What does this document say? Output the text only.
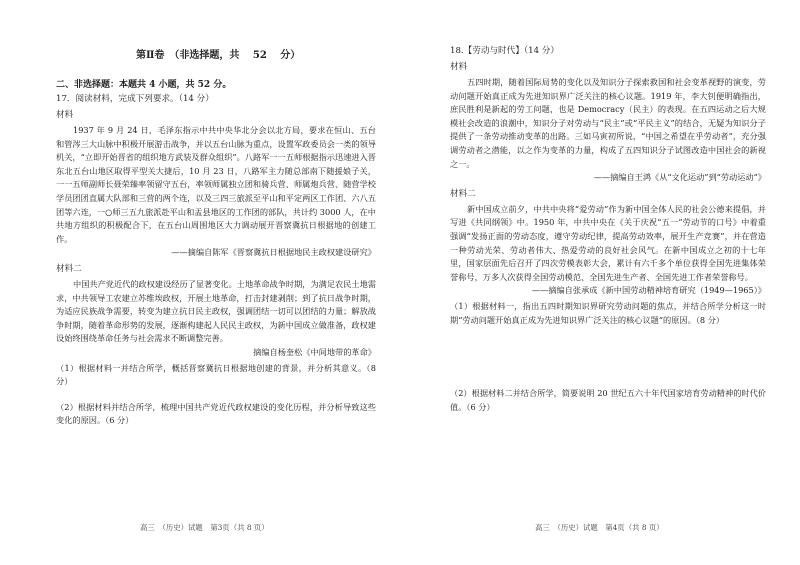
第Ⅱ卷　（非选择题，共 52 分）
二、非选择题：本题共 4 小题，共 52 分。
17．阅读材料，完成下列要求。（14 分）
材料

1937 年 9 月 24 日，毛泽东指示中共中央华北分会以北方局，要求在恒山、五台和管涔三大山脉中积极开展游击战争，并以五台山脉为重点，设置军政委员会一类的领导机关，“立即开始晋省的组织地方武装及群众组织”。八路军一一五师根据指示迅速进入晋东北五台山地区取得平型关大捷后，10 月 23 日，八路军主力随总部南下随援娘子关，一一五师副师长聂荣臻率领留守五台，率领师属独立团和骑兵营、师属炮兵营、随营学校学员团团直属大队部和三营的两个连，以及三四三旅派至平山和平定两区工作团、六八五团等六连，一○师三五九旅派赴平山和盂县地区的工作团的部队，共计约 3000 人，在中共地方组织的积极配合下，在五台山周围地区大力调动展开晋察冀抗日根据地的创建工作。

——摘编自陈军《晋察冀抗日根据地民主政权建设研究》

材料二

中国共产党近代的政权建设经历了显著变化。土地革命战争时期，为满足农民土地需求，中共领导工农建立苏维埃政权，开展土地革命，打击封建剥削；到了抗日战争时期，为适应民族战争需要，转变为建立抗日民主政权，强调团结一切可以团结的力量；解放战争时期，随着革命形势的发展，逐渐构建起人民民主政权，为新中国成立做准备，政权建设始终围绕革命任务与社会需求不断调整完善。

摘编自杨奎松《中间地带的革命》

（1）根据材料一并结合所学，概括晋察冀抗日根据地创建的背景，并分析其意义。（8 分）

（2）根据材料并结合所学，梳理中国共产党近代政权建设的变化历程，并分析导致这些变化的原因。（6 分）

高三　（历史）试题　第3页（共 8 页）
18.【劳动与时代】（14 分）
材料

五四时期，随着国际局势的变化以及知识分子探索救国和社会变革视野的演变，劳动问题开始真正成为先进知识界广泛关注的核心议题。1919 年，李大钊便明确指出，庶民胜利是新起的劳工问题，也是 Democracy（民主）的表现。在五四运动之后大规模社会改造的浪潮中，知识分子对劳动与“民主”或“平民主义”的结合，无疑为知识分子提供了一条劳动推动变革的出路。三如马寅初所说，“中国之希望在乎劳动者”，充分强调劳动者之潜能，以之作为变革的力量，构成了五四知识分子试图改造中国社会的新视之一。

——摘编自王鸿《从“文化运动”到“劳动运动”》

材料二

新中国成立前夕，中共中央将“爱劳动”作为新中国全体人民的社会公德来提倡，并写进《共同纲领》中。1950 年，中共中央在《关于庆祝“五一”劳动节的口号》中着重强调“发扬正面的劳动态度，遵守劳动纪律，提高劳动效率，展开生产竞赛”，并在营造一种劳动光荣、劳动者伟大、热爱劳动的良好社会风气。在新中国成立之初的十七年里，国家层面先后召开了四次劳模表彰大会，累计有六千多个单位获得全国先进集体荣誉称号，万多人次获得全国劳动模范、全国先进生产者、全国先进工作者荣誉称号。

——摘编自张承成《新中国劳动精神培育研究（1949—1965）》

（1）根据材料一，指出五四时期知识界研究劳动问题的焦点，并结合所学分析这一时期“劳动问题开始真正成为先进知识界广泛关注的核心议题”的原因。（8 分）

（2）根据材料二并结合所学，简要说明 20 世纪五六十年代国家培育劳动精神的时代价值。（6 分）

高三　（历史）试题　第4页（共 8 页）
